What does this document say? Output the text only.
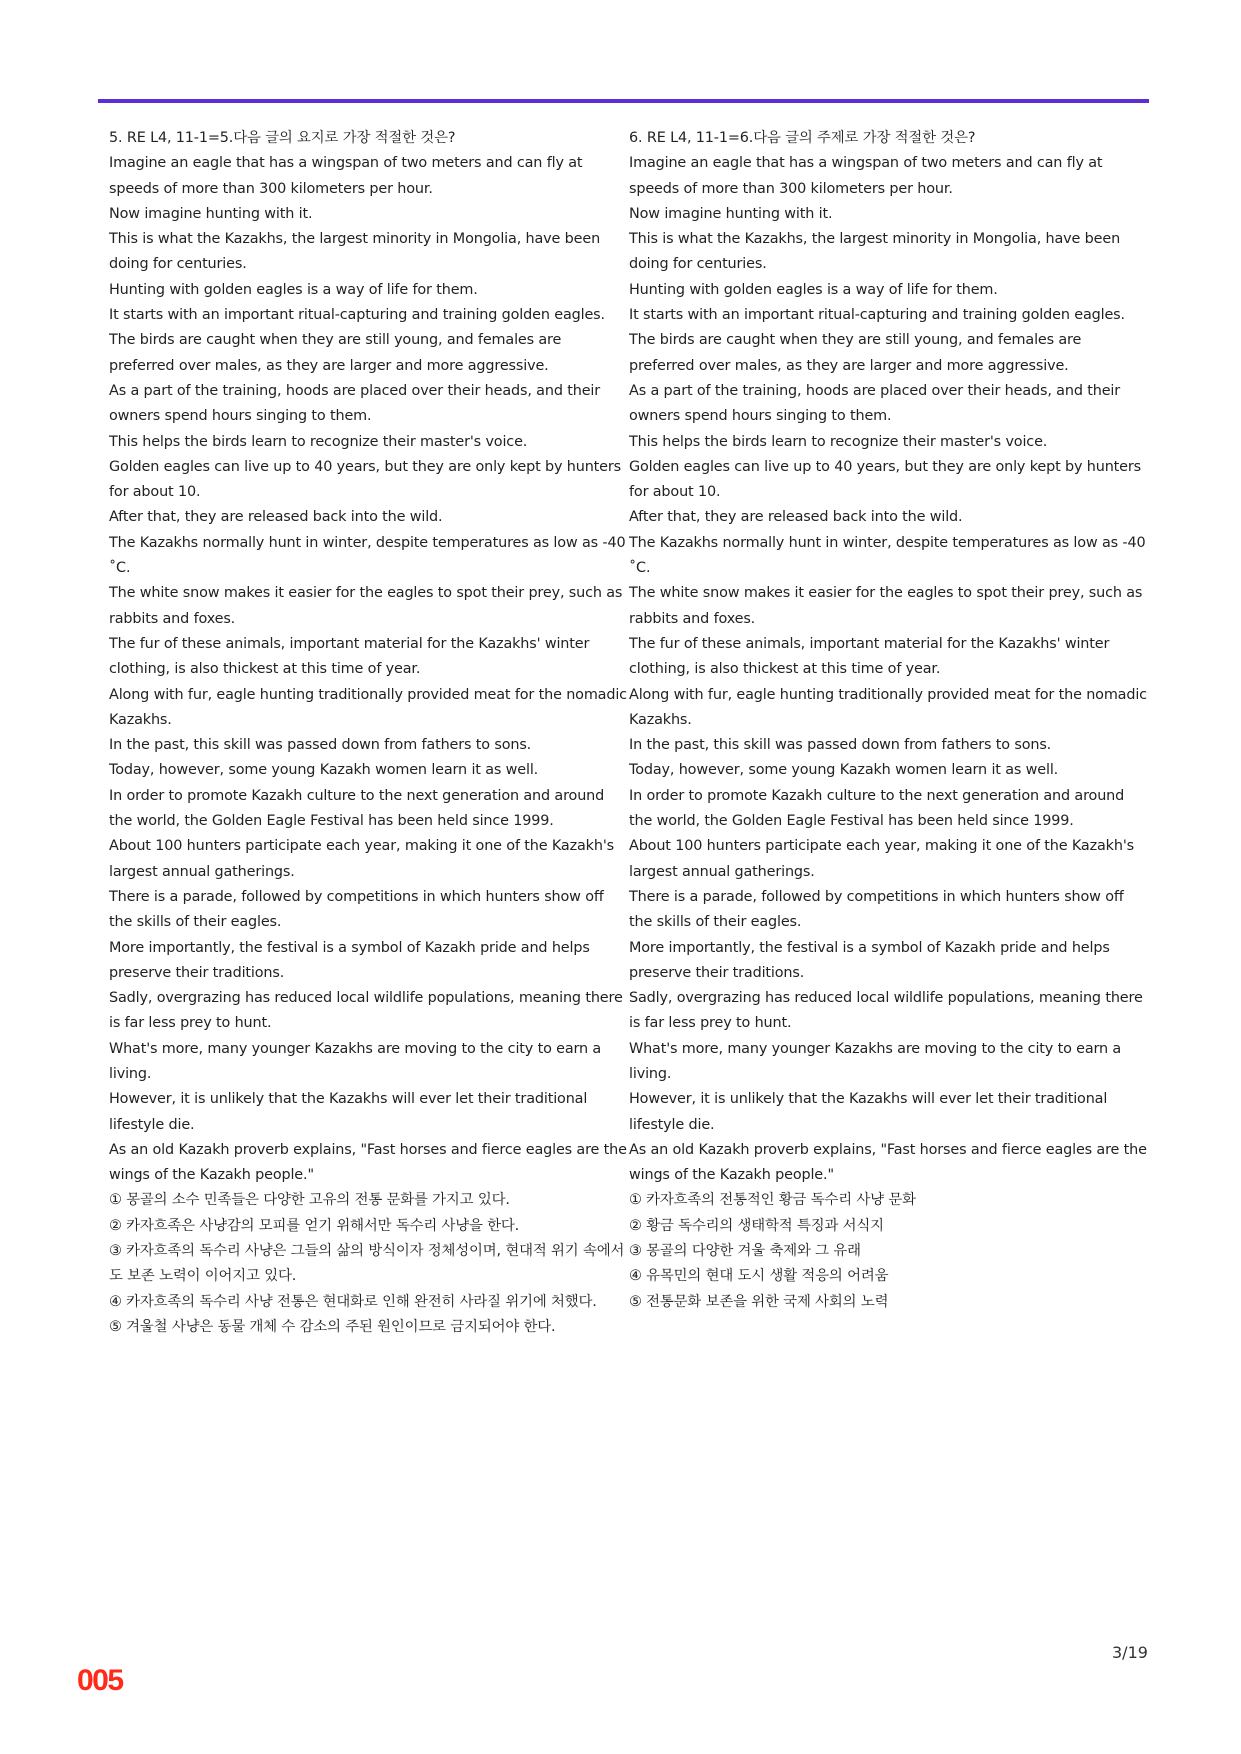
5. RE L4, 11-1=5.다음 글의 요지로 가장 적절한 것은?

Imagine an eagle that has a wingspan of two meters and can fly at speeds of more than 300 kilometers per hour.

Now imagine hunting with it.

This is what the Kazakhs, the largest minority in Mongolia, have been doing for centuries.

Hunting with golden eagles is a way of life for them.

It starts with an important ritual-capturing and training golden eagles.

The birds are caught when they are still young, and females are preferred over males, as they are larger and more aggressive.

As a part of the training, hoods are placed over their heads, and their owners spend hours singing to them.

This helps the birds learn to recognize their master's voice.

Golden eagles can live up to 40 years, but they are only kept by hunters for about 10.

After that, they are released back into the wild.

The Kazakhs normally hunt in winter, despite temperatures as low as -40 ˚C.

The white snow makes it easier for the eagles to spot their prey, such as rabbits and foxes.

The fur of these animals, important material for the Kazakhs' winter clothing, is also thickest at this time of year.

Along with fur, eagle hunting traditionally provided meat for the nomadic Kazakhs.

In the past, this skill was passed down from fathers to sons.

Today, however, some young Kazakh women learn it as well.

In order to promote Kazakh culture to the next generation and around the world, the Golden Eagle Festival has been held since 1999.

About 100 hunters participate each year, making it one of the Kazakh's largest annual gatherings.

There is a parade, followed by competitions in which hunters show off the skills of their eagles.

More importantly, the festival is a symbol of Kazakh pride and helps preserve their traditions.

Sadly, overgrazing has reduced local wildlife populations, meaning there is far less prey to hunt.

What's more, many younger Kazakhs are moving to the city to earn a living.

However, it is unlikely that the Kazakhs will ever let their traditional lifestyle die.

As an old Kazakh proverb explains, "Fast horses and fierce eagles are the wings of the Kazakh people."

① 몽골의 소수 민족들은 다양한 고유의 전통 문화를 가지고 있다.

② 카자흐족은 사냥감의 모피를 얻기 위해서만 독수리 사냥을 한다.

③ 카자흐족의 독수리 사냥은 그들의 삶의 방식이자 정체성이며, 현대적 위기 속에서도 보존 노력이 이어지고 있다.

④ 카자흐족의 독수리 사냥 전통은 현대화로 인해 완전히 사라질 위기에 처했다.

⑤ 겨울철 사냥은 동물 개체 수 감소의 주된 원인이므로 금지되어야 한다.

6. RE L4, 11-1=6.다음 글의 주제로 가장 적절한 것은?

Imagine an eagle that has a wingspan of two meters and can fly at speeds of more than 300 kilometers per hour.

Now imagine hunting with it.

This is what the Kazakhs, the largest minority in Mongolia, have been doing for centuries.

Hunting with golden eagles is a way of life for them.

It starts with an important ritual-capturing and training golden eagles.

The birds are caught when they are still young, and females are preferred over males, as they are larger and more aggressive.

As a part of the training, hoods are placed over their heads, and their owners spend hours singing to them.

This helps the birds learn to recognize their master's voice.

Golden eagles can live up to 40 years, but they are only kept by hunters for about 10.

After that, they are released back into the wild.

The Kazakhs normally hunt in winter, despite temperatures as low as -40 ˚C.

The white snow makes it easier for the eagles to spot their prey, such as rabbits and foxes.

The fur of these animals, important material for the Kazakhs' winter clothing, is also thickest at this time of year.

Along with fur, eagle hunting traditionally provided meat for the nomadic Kazakhs.

In the past, this skill was passed down from fathers to sons.

Today, however, some young Kazakh women learn it as well.

In order to promote Kazakh culture to the next generation and around the world, the Golden Eagle Festival has been held since 1999.

About 100 hunters participate each year, making it one of the Kazakh's largest annual gatherings.

There is a parade, followed by competitions in which hunters show off the skills of their eagles.

More importantly, the festival is a symbol of Kazakh pride and helps preserve their traditions.

Sadly, overgrazing has reduced local wildlife populations, meaning there is far less prey to hunt.

What's more, many younger Kazakhs are moving to the city to earn a living.

However, it is unlikely that the Kazakhs will ever let their traditional lifestyle die.

As an old Kazakh proverb explains, "Fast horses and fierce eagles are the wings of the Kazakh people."

① 카자흐족의 전통적인 황금 독수리 사냥 문화

② 황금 독수리의 생태학적 특징과 서식지

③ 몽골의 다양한 겨울 축제와 그 유래

④ 유목민의 현대 도시 생활 적응의 어려움

⑤ 전통문화 보존을 위한 국제 사회의 노력

3/19
005
